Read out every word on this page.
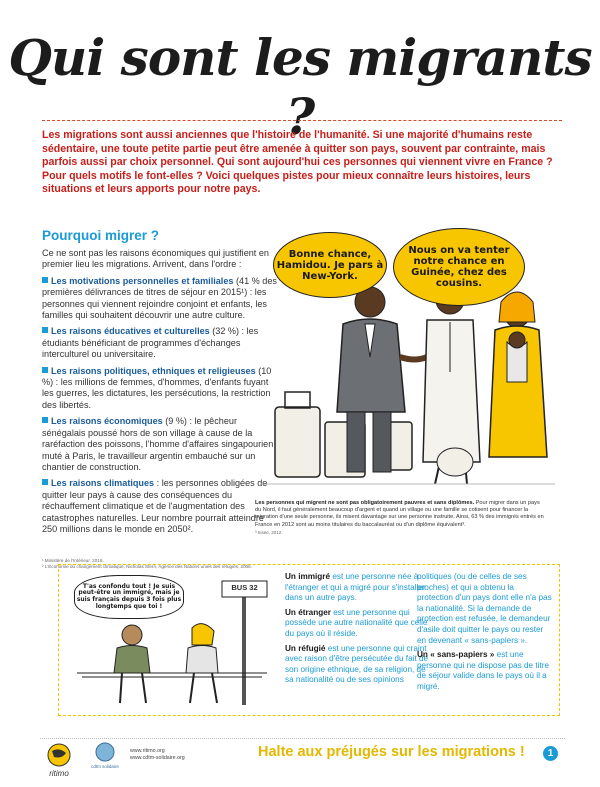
Qui sont les migrants ?
Les migrations sont aussi anciennes que l'histoire de l'humanité. Si une majorité d'humains reste sédentaire, une toute petite partie peut être amenée à quitter son pays, souvent par contrainte, mais parfois aussi par choix personnel. Qui sont aujourd'hui ces personnes qui viennent vivre en France ? Pour quels motifs le font-elles ? Voici quelques pistes pour mieux connaître leurs histoires, leurs situations et leurs apports pour notre pays.
Pourquoi migrer ?

Ce ne sont pas les raisons économiques qui justifient en premier lieu les migrations. Arrivent, dans l'ordre :

Les motivations personnelles et familiales (41 % des premières délivrances de titres de séjour en 2015¹) : les personnes qui viennent rejoindre conjoint et enfants, les familles qui souhaitent découvrir une autre culture.

Les raisons éducatives et culturelles (32 %) : les étudiants bénéficiant de programmes d'échanges interculturel ou universitaire.

Les raisons politiques, ethniques et religieuses (10 %) : les millions de femmes, d'hommes, d'enfants fuyant les guerres, les dictatures, les persécutions, la restriction des libertés.

Les raisons économiques (9 %) : le pêcheur sénégalais poussé hors de son village à cause de la raréfaction des poissons, l'homme d'affaires singapourien muté à Paris, le travailleur argentin embauché sur un chantier de construction.

Les raisons climatiques : les personnes obligées de quitter leur pays à cause des conséquences du réchauffement climatique et de l'augmentation des catastrophes naturelles. Leur nombre pourrait atteindre 250 millions dans le monde en 2050².

¹ Ministère de l'Intérieur, 2016.
² L'Économie du changement climatique, Nicholas Stern, Agence des Nations unies des réfugiés, 2006.
Bonne chance, Hamidou. Je pars à New-York.
Nous on va tenter notre chance en Guinée, chez des cousins.
Les personnes qui migrent ne sont pas obligatoirement pauvres et sans diplômes. Pour migrer dans un pays du Nord, il faut généralement beaucoup d'argent et quand un village ou une famille se cotisent pour financer la migration d'une seule personne, ils misent davantage sur une personne instruite. Ainsi, 63 % des immigrés entrés en France en 2012 sont au moins titulaires du baccalauréat ou d'un diplôme équivalent³.
³ Insee, 2012.
BUS 32
T'as confondu tout ! Je suis peut-être un immigré, mais je suis français depuis 3 fois plus longtemps que toi !

Un immigré est une personne née à l'étranger et qui a migré pour s'installer dans un autre pays.

Un étranger est une personne qui possède une autre nationalité que celle du pays où il réside.

Un réfugié est une personne qui craint avec raison d'être persécutée du fait de son origine ethnique, de sa religion, de sa nationalité ou de ses opinions

politiques (ou de celles de ses proches) et qui a obtenu la protection d'un pays dont elle n'a pas la nationalité. Si la demande de protection est refusée, le demandeur d'asile doit quitter le pays ou rester en devenant « sans-papiers ».

Un « sans-papiers » est une personne qui ne dispose pas de titre de séjour valide dans le pays où il a migré.

ritimo
cdtm solidaire
www.ritimo.org
www.cdtm-solidaire.org	Halte aux préjugés sur les migrations !	1
